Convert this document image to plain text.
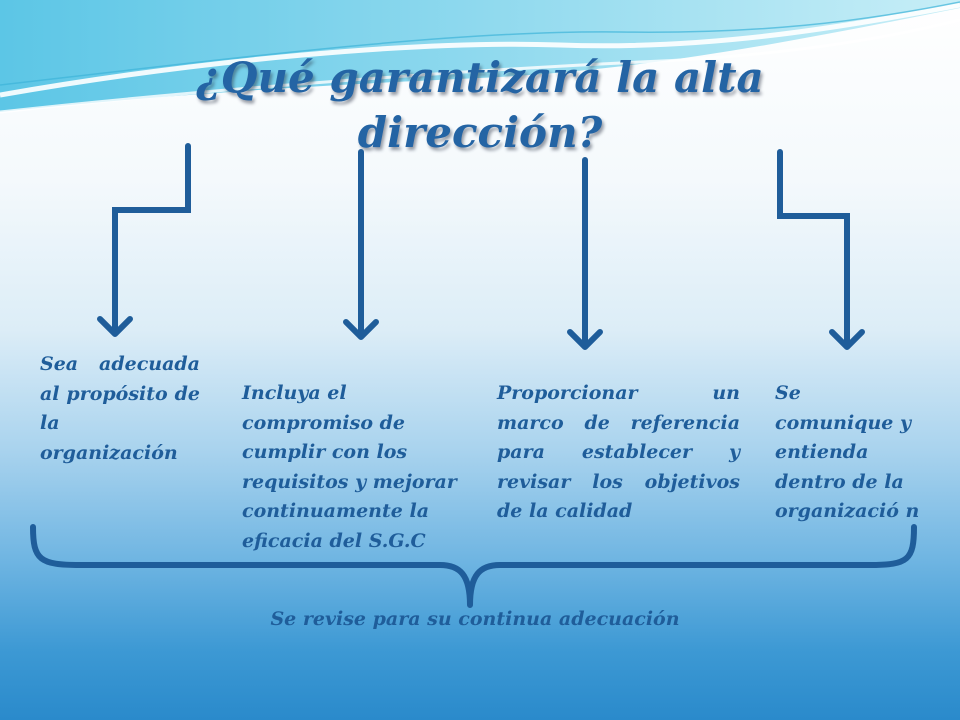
¿Qué garantizará la alta dirección?

Sea adecuada al propósito de la organización

Incluya el compromiso de cumplir con los requisitos y mejorar continuamente la eficacia del S.G.C

Proporcionar un marco de referencia para establecer y revisar los objetivos de la calidad

Se comunique y entienda dentro de la organizació n

Se revise para su continua adecuación
